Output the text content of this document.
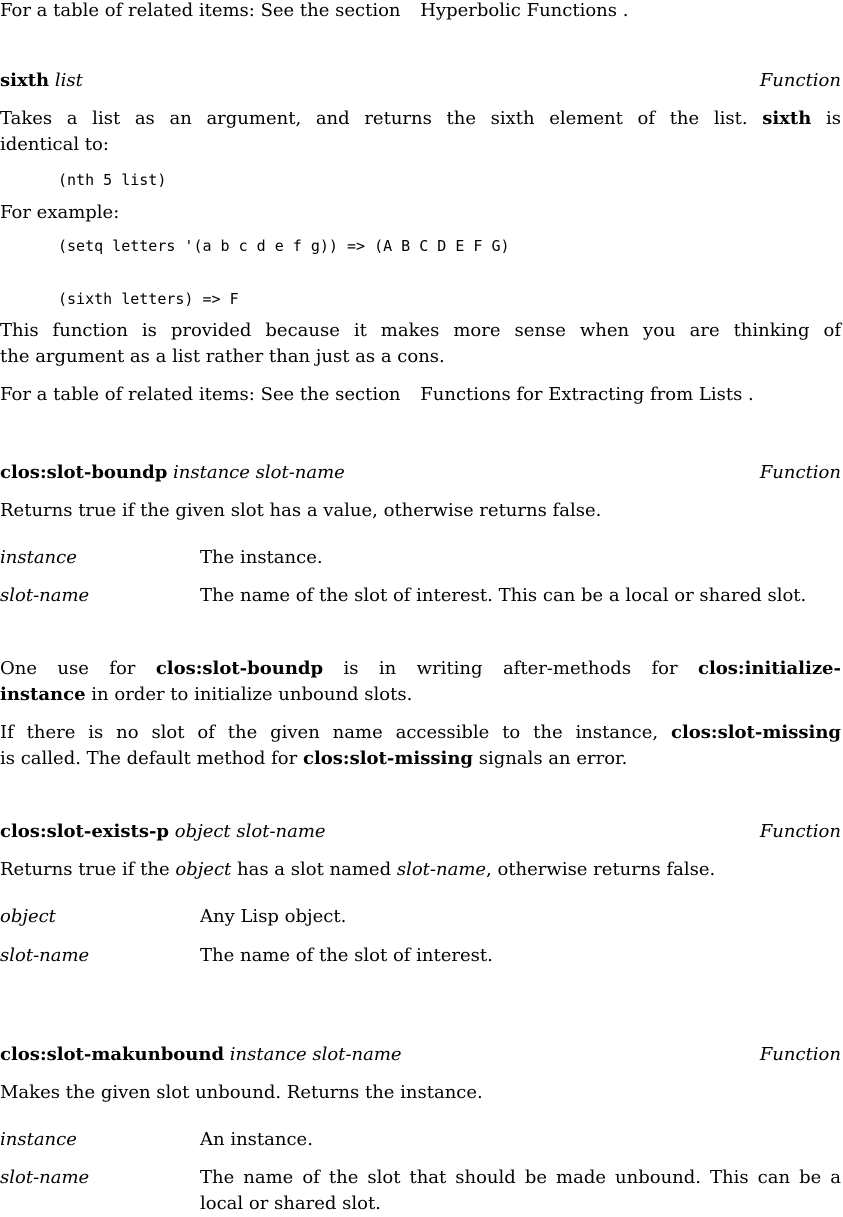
For a table of related items: See the section Hyperbolic Functions .
sixth list	Function
Takes a list as an argument, and returns the sixth element of the list. sixth is
identical to:
(nth 5 list)
For example:
(setq letters '(a b c d e f g)) => (A B C D E F G)
(sixth letters) => F
This function is provided because it makes more sense when you are thinking of
the argument as a list rather than just as a cons.
For a table of related items: See the section Functions for Extracting from Lists .
clos:slot-boundp instance slot-name	Function
Returns true if the given slot has a value, otherwise returns false.
instance	The instance.
slot-name	The name of the slot of interest. This can be a local or shared slot.
One use for clos:slot-boundp is in writing after-methods for clos:initialize-
instance in order to initialize unbound slots.
If there is no slot of the given name accessible to the instance, clos:slot-missing
is called. The default method for clos:slot-missing signals an error.
clos:slot-exists-p object slot-name	Function
Returns true if the object has a slot named slot-name, otherwise returns false.
object	Any Lisp object.
slot-name	The name of the slot of interest.
clos:slot-makunbound instance slot-name	Function
Makes the given slot unbound. Returns the instance.
instance	An instance.
slot-name	The name of the slot that should be made unbound. This can be a local or shared slot.
